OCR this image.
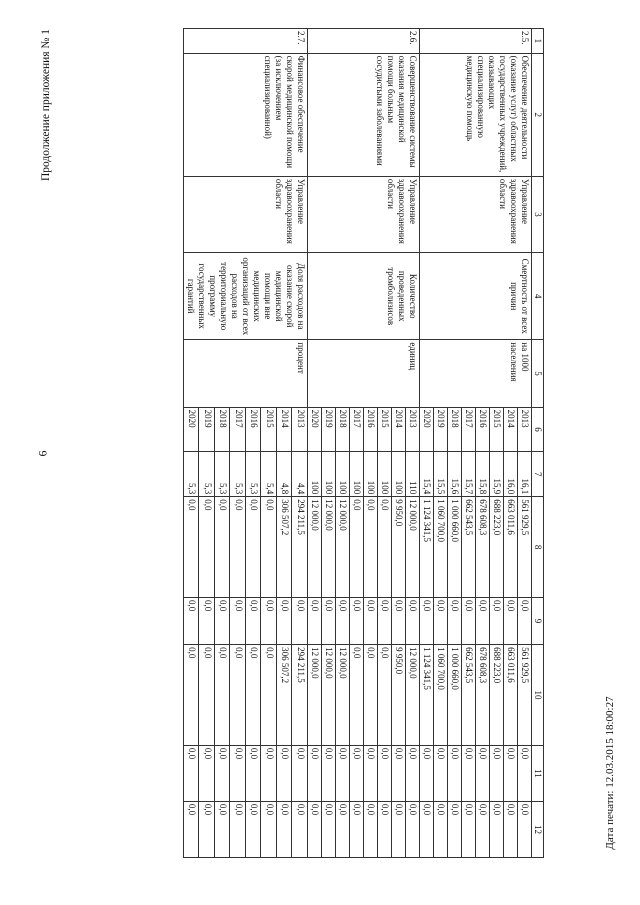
6
Продолжение приложения № 1
Дата печати: 12.03.2015 18:00:27
1	2	3	4	5	6	7	8	9	10	11	12
2.5.	Обеспечение деятельности (оказание услуг) областных государственных учреждений, оказывающих специализированную медицинскую помощь	Управление здравоохранения области	Смертность от всех причин	на 1000 населения	2013	16,1	561 929,5	0,0	561 929,5	0,0	0,0
					2014	16,0	663 011,6	0,0	663 011,6	0,0	0,0
					2015	15,9	688 223,0	0,0	688 223,0	0,0	0,0
					2016	15,8	678 608,3	0,0	678 608,3	0,0	0,0
					2017	15,7	662 543,5	0,0	662 543,5	0,0	0,0
					2018	15,6	1 000 660,0	0,0	1 000 660,0	0,0	0,0
					2019	15,5	1 060 700,0	0,0	1 060 700,0	0,0	0,0
					2020	15,4	1 124 341,5	0,0	1 124 341,5	0,0	0,0
2.6.	Совершенствование системы оказания медицинской помощи больным сосудистыми заболеваниями	Управление здравоохранения области	Количество проведенных тромболизисов	единиц	2013	110	12 000,0	0,0	12 000,0	0,0	0,0
					2014	100	9 950,0	0,0	9 950,0	0,0	0,0
					2015	100	0,0	0,0	0,0	0,0	0,0
					2016	100	0,0	0,0	0,0	0,0	0,0
					2017	100	0,0	0,0	0,0	0,0	0,0
					2018	100	12 000,0	0,0	12 000,0	0,0	0,0
					2019	100	12 000,0	0,0	12 000,0	0,0	0,0
					2020	100	12 000,0	0,0	12 000,0	0,0	0,0
2.7.	Финансовое обеспечение скорой медицинской помощи (за исключением специализированной)	Управление здравоохранения области	Доля расходов на оказание скорой медицинской помощи вне медицинских организаций от всех расходов на территориальную программу государственных гарантий	процент	2013	4,4	294 211,5	0,0	294 211,5	0,0	0,0
					2014	4,8	306 507,2	0,0	306 507,2	0,0	0,0
					2015	5,4	0,0	0,0	0,0	0,0	0,0
					2016	5,3	0,0	0,0	0,0	0,0	0,0
					2017	5,3	0,0	0,0	0,0	0,0	0,0
					2018	5,3	0,0	0,0	0,0	0,0	0,0
					2019	5,3	0,0	0,0	0,0	0,0	0,0
					2020	5,3	0,0	0,0	0,0	0,0	0,0
